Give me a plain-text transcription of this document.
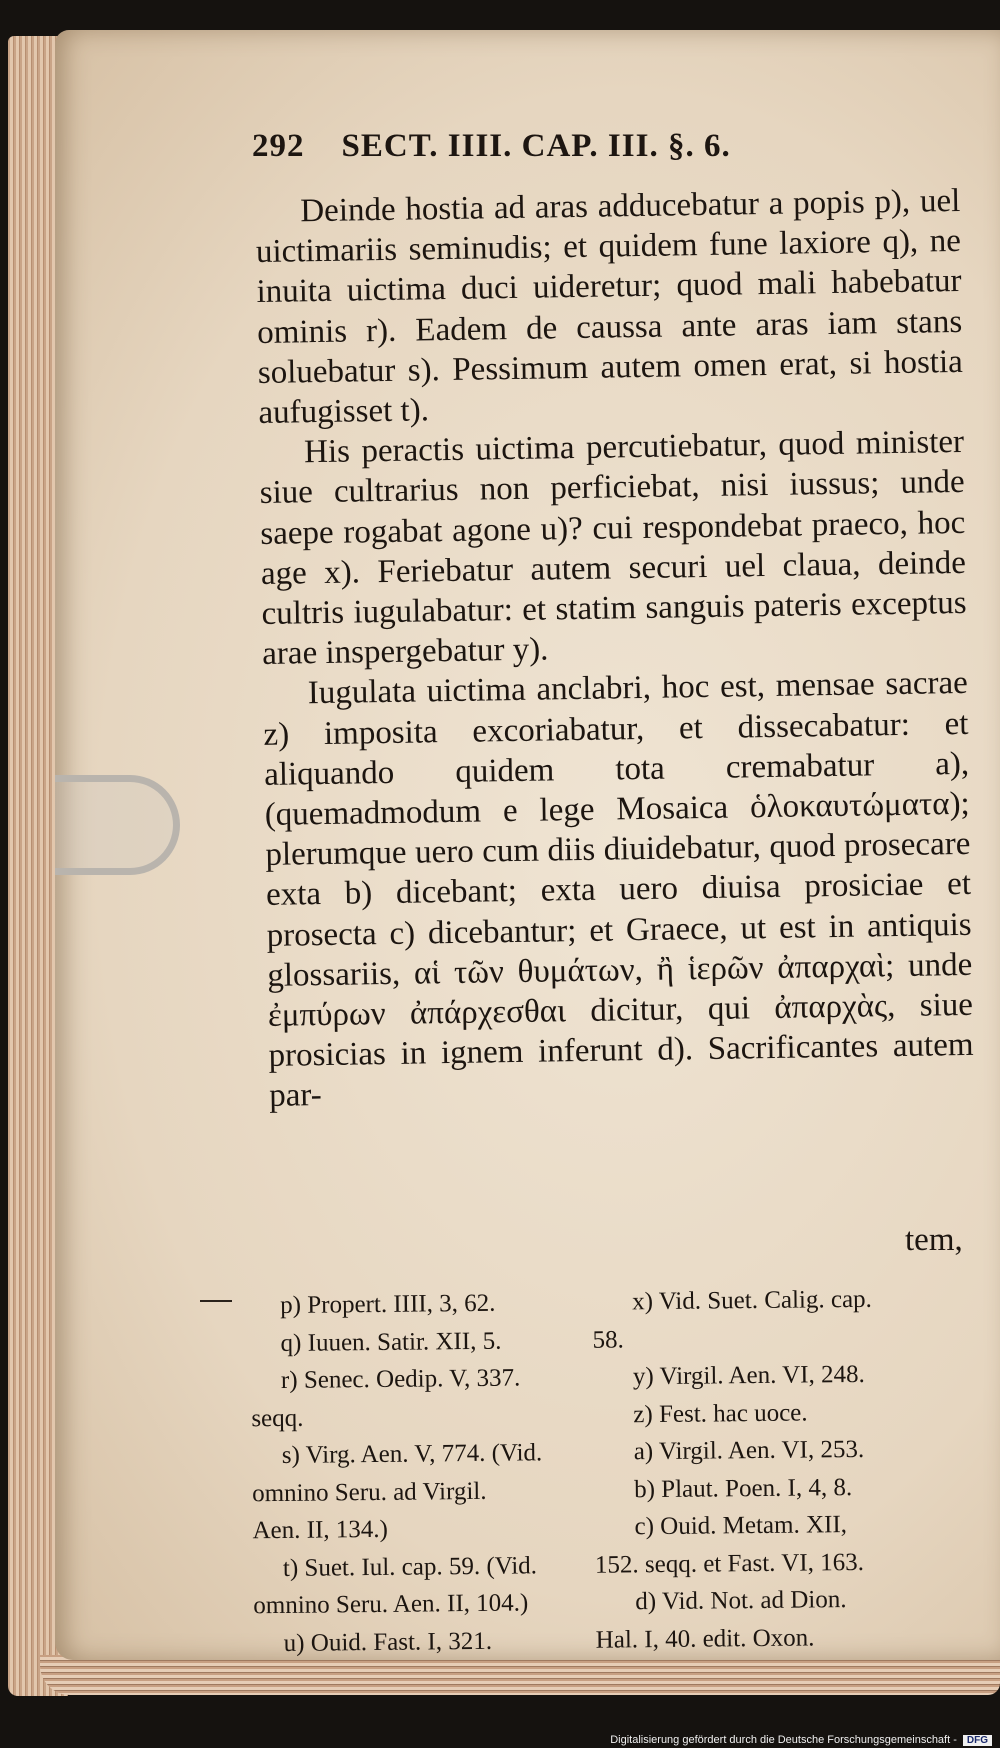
292 SECT. IIII. CAP. III. §. 6.

Deinde hostia ad aras adducebatur a popis p), uel uictimariis seminudis; et quidem fune laxiore q), ne inuita uictima duci uideretur; quod mali habebatur ominis r). Eadem de caussa ante aras iam stans soluebatur s). Pessimum autem omen erat, si hostia aufugisset t).

His peractis uictima percutiebatur, quod minister siue cultrarius non perficiebat, nisi iussus; unde saepe rogabat agone u)? cui respondebat praeco, hoc age x). Feriebatur autem securi uel claua, deinde cultris iugulabatur: et statim sanguis pateris exceptus arae inspergebatur y).

Iugulata uictima anclabri, hoc est, mensae sacrae z) imposita excoriabatur, et dissecabatur: et aliquando quidem tota cremabatur a), (quemadmodum e lege Mosaica ὁλοκαυτώματα); plerumque uero cum diis diuidebatur, quod prosecare exta b) dicebant; exta uero diuisa prosiciae et prosecta c) dicebantur; et Graece, ut est in antiquis glossariis, αἱ τῶν θυμάτων, ἢ ἱερῶν ἀπαρχαὶ; unde ἐμπύρων ἀπάρχεσθαι dicitur, qui ἀπαρχὰς, siue prosicias in ignem inferunt d). Sacrificantes autem par-

tem,
p) Propert. IIII, 3, 62.
q) Iuuen. Satir. XII, 5.
r) Senec. Oedip. V, 337.
seqq.
s) Virg. Aen. V, 774. (Vid.
omnino Seru. ad Virgil.
Aen. II, 134.)
t) Suet. Iul. cap. 59. (Vid.
omnino Seru. Aen. II, 104.)
u) Ouid. Fast. I, 321.
x) Vid. Suet. Calig. cap.
58.
y) Virgil. Aen. VI, 248.
z) Fest. hac uoce.
a) Virgil. Aen. VI, 253.
b) Plaut. Poen. I, 4, 8.
c) Ouid. Metam. XII,
152. seqq. et Fast. VI, 163.
d) Vid. Not. ad Dion.
Hal. I, 40. edit. Oxon.
Digitalisierung gefördert durch die Deutsche Forschungsgemeinschaft -	DFG
